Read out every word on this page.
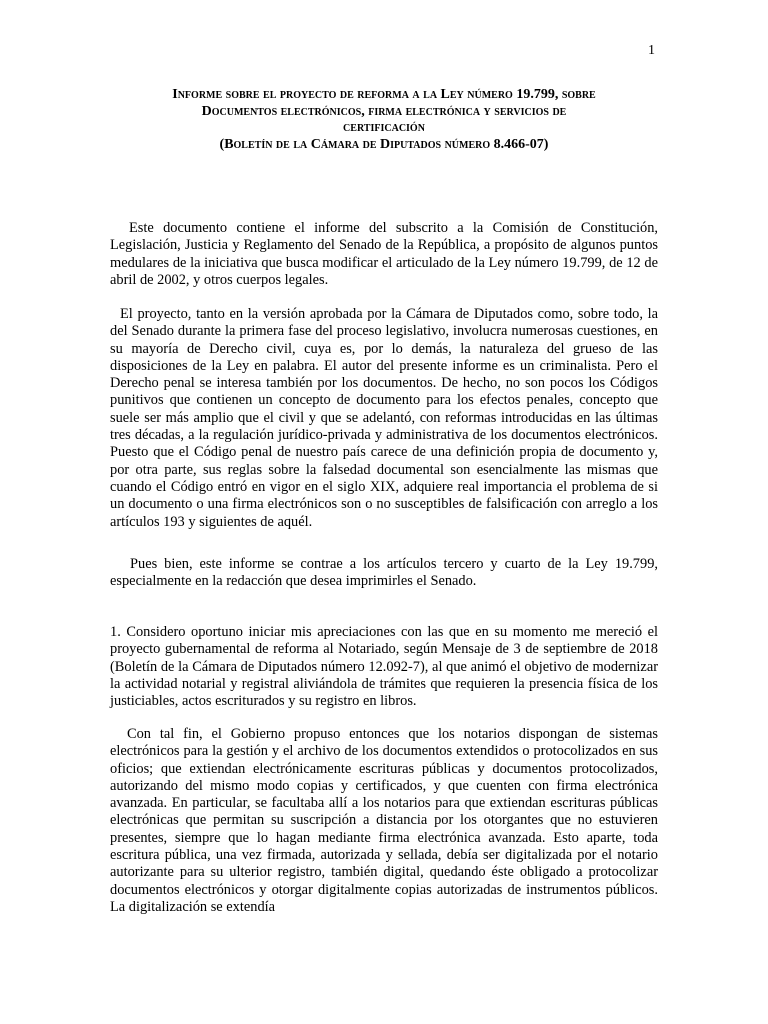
1
Informe sobre el proyecto de reforma a la Ley número 19.799, sobre
Documentos electrónicos, firma electrónica y servicios de
certificación
(Boletín de la Cámara de Diputados número 8.466-07)

Este documento contiene el informe del subscrito a la Comisión de Constitución, Legislación, Justicia y Reglamento del Senado de la República, a propósito de algunos puntos medulares de la iniciativa que busca modificar el articulado de la Ley número 19.799, de 12 de abril de 2002, y otros cuerpos legales.

El proyecto, tanto en la versión aprobada por la Cámara de Diputados como, sobre todo, la del Senado durante la primera fase del proceso legislativo, involucra numerosas cuestiones, en su mayoría de Derecho civil, cuya es, por lo demás, la naturaleza del grueso de las disposiciones de la Ley en palabra. El autor del presente informe es un criminalista. Pero el Derecho penal se interesa también por los documentos. De hecho, no son pocos los Códigos punitivos que contienen un concepto de documento para los efectos penales, concepto que suele ser más amplio que el civil y que se adelantó, con reformas introducidas en las últimas tres décadas, a la regulación jurídico-privada y administrativa de los documentos electrónicos. Puesto que el Código penal de nuestro país carece de una definición propia de documento y, por otra parte, sus reglas sobre la falsedad documental son esencialmente las mismas que cuando el Código entró en vigor en el siglo XIX, adquiere real importancia el problema de si un documento o una firma electrónicos son o no susceptibles de falsificación con arreglo a los artículos 193 y siguientes de aquél.

Pues bien, este informe se contrae a los artículos tercero y cuarto de la Ley 19.799, especialmente en la redacción que desea imprimirles el Senado.

1. Considero oportuno iniciar mis apreciaciones con las que en su momento me mereció el proyecto gubernamental de reforma al Notariado, según Mensaje de 3 de septiembre de 2018 (Boletín de la Cámara de Diputados número 12.092-7), al que animó el objetivo de modernizar la actividad notarial y registral aliviándola de trámites que requieren la presencia física de los justiciables, actos escriturados y su registro en libros.

Con tal fin, el Gobierno propuso entonces que los notarios dispongan de sistemas electrónicos para la gestión y el archivo de los documentos extendidos o protocolizados en sus oficios; que extiendan electrónicamente escrituras públicas y documentos protocolizados, autorizando del mismo modo copias y certificados, y que cuenten con firma electrónica avanzada. En particular, se facultaba allí a los notarios para que extiendan escrituras públicas electrónicas que permitan su suscripción a distancia por los otorgantes que no estuvieren presentes, siempre que lo hagan mediante firma electrónica avanzada. Esto aparte, toda escritura pública, una vez firmada, autorizada y sellada, debía ser digitalizada por el notario autorizante para su ulterior registro, también digital, quedando éste obligado a protocolizar documentos electrónicos y otorgar digitalmente copias autorizadas de instrumentos públicos. La digitalización se extendía
